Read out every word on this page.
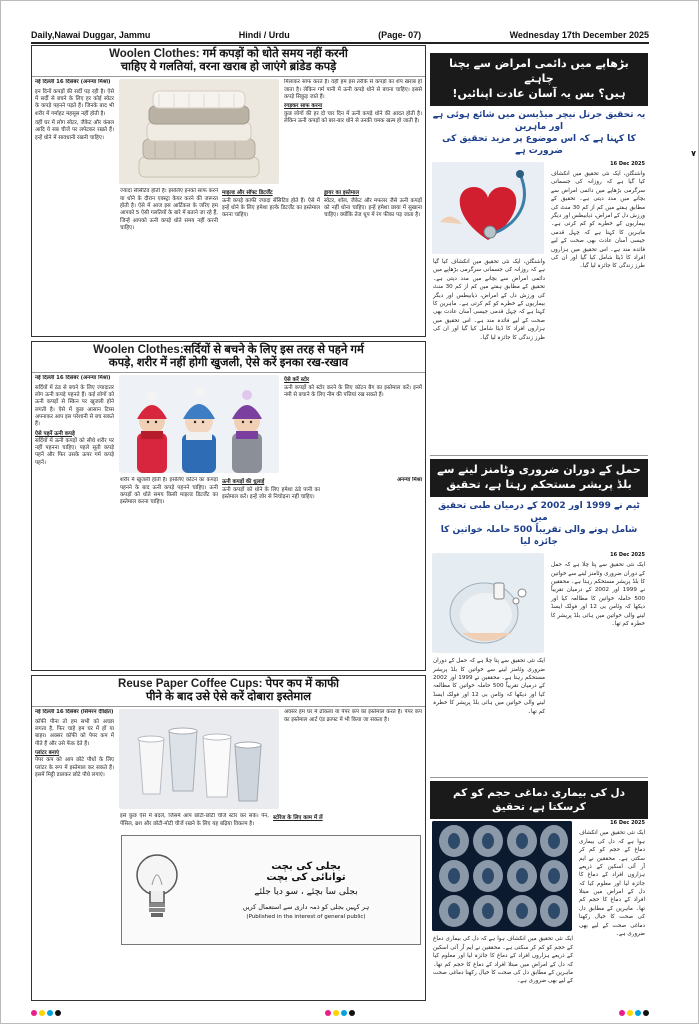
Daily,Nawai Duggar, Jammu	Hindi / Urdu	(Page- 07)	Wednesday 17th December 2025
٧
Woolen Clothes: गर्म कपड़ों को धोते समय नहीं करनी
चाहिए ये गलतियां, वरना खराब हो जाएंगे ब्रांडेड कपड़े

नई दिल्ली 16 दिसंबर (अनन्या मिश्रा)

इन दिनों कपड़ों की सर्दी पड़ रही है। ऐसे में सर्दी से बचने के लिए हर कोई स्वेटर के कपड़े पहनने पड़ते हैं। जिनके बाद भी शरीर में गर्माहट महसूस नहीं होती है।

वहीं घर में लोग स्वेटर, जैकेट और कंबल आदि ये सब चीजें पर लपेटकर रखते हैं। इन्हें धोने में सावधानी रखनी चाहिए।

मिलाकर साफ करते हैं। वहीं हम इस तरीके से कपड़ों का शेप खराब हो जाता है। लेकिन गर्म पानी में ऊनी कपड़े धोने से बचना चाहिए। इससे कपड़े सिकुड़ जाते हैं।

रगड़कर साफ करना

कुछ लोगों की हर दो चार दिन में ऊनी कपड़े धोने की आदत होती है। लेकिन ऊनी कपड़ों को बार-बार धोने से उनकी चमक खत्म हो जाती है।

ज्यादा सेंसिटिव होती है। इसलिए इनको साफ करने या धोने के दौरान एक्स्ट्रा केयर करने की जरूरत होती है। ऐसे में आज इस आर्टिकल के जरिए हम आपको 5 ऐसी गलतियों के बारे में बताने जा रहे हैं, जिन्हें आपको ऊनी कपड़े धोते समय नहीं करनी चाहिए।

माइल्ड और सॉफ्ट डिटर्जेंट

ऊनी कपड़े काफी ज्यादा सेंसिटिव होते हैं। ऐसे में इन्हें धोने के लिए हमेशा हल्के डिटर्जेंट का इस्तेमाल करना चाहिए।

ड्रायर का इस्तेमाल

स्वेटर, शॉल, जैकेट और मफलर जैसे ऊनी कपड़ों को नहीं धोना चाहिए। इन्हें हमेशा छाया में सुखाना चाहिए। क्योंकि तेज धूप में रंग फीका पड़ जाता है।

Woolen Clothes:सर्दियों से बचने के लिए इस तरह से पहने गर्म
कपड़े, शरीर में नहीं होगी खुजली, ऐसे करें इनका रख-रखाव

नई दिल्ली 16 दिसंबर (अनन्या मिश्रा)

सर्दियों में ठंड से बचने के लिए ज्यादातर लोग ऊनी कपड़े पहनते हैं। कई लोगों को ऊनी कपड़ों से स्किन पर खुजली होने लगती है। ऐसे में कुछ आसान टिप्स अपनाकर आप इस परेशानी से बच सकते हैं।

ऐसे पहनें ऊनी कपड़े

सर्दियों में ऊनी कपड़ों को सीधे शरीर पर नहीं पहनना चाहिए। पहले सूती कपड़े पहनें और फिर उसके ऊपर गर्म कपड़े पहनें।

ऐसे करें स्टोर

ऊनी कपड़ों को स्टोर करने के लिए कॉटन बैग का इस्तेमाल करें। इनमें नमी से बचाने के लिए नीम की पत्तियां रख सकते हैं।

शरीर में खुजली होती है। इसलिए कॉटन का कपड़ा पहनने के बाद ऊनी कपड़े पहनने चाहिए। ऊनी कपड़ों को धोते समय किसी माइल्ड डिटर्जेंट का इस्तेमाल करना चाहिए।

ऊनी कपड़ों की धुलाई

ऊनी कपड़ों को धोने के लिए हमेशा ठंडे पानी का इस्तेमाल करें। इन्हें जोर से निचोड़ना नहीं चाहिए।

अनन्या मिश्रा

Reuse Paper Coffee Cups: पेपर कप में काफी
पीने के बाद उसे ऐसे करें दोबारा इस्तेमाल

नई दिल्ली 16 दिसंबर (सिमरन दीक्षित)

कॉफी पीना तो हम सभी को अच्छा लगता है, फिर चाहे हम घर में हों या बाहर। अक्सर कॉफी को पेपर कप में पीते हैं और उसे फेंक देते हैं।

प्लांटर बनाएं

पेपर कप को आप छोटे पौधों के लिए प्लांटर के रूप में इस्तेमाल कर सकते हैं। इसमें मिट्टी डालकर छोटे पौधे लगाएं।

अवसर हम घर में ढोकला या पेपर कप का इस्तेमाल करते हैं। पेपर कप का इस्तेमाल आर्ट एंड क्राफ्ट में भी किया जा सकता है।

इसे कुछ ऐसे में बदलें, जिसमें आप छोटी-छोटी चीजें स्टोर कर सकें। पेन, पेंसिल, ब्रश और छोटी-मोटी चीजें रखने के लिए यह बढ़िया विकल्प है।

स्टोरेज के लिए काम में लें
بجلی کی بچت
توانائی کی بچت
بجلی سا بچئے ، سو دیا جلئے
ہر کہیں بجلی کو ذمہ داری سے استعمال کریں
(Published in the interest of general public)
بڑھاپے میں دائمی امراض سے بچنا چاہتے
ہیں؟ بس یہ آسان عادت اپنائیں!
یہ تحقیق جرنل نیچر میڈیسن میں شائع ہوئی ہے اور ماہرین
کا کہنا ہے کہ اس موضوع پر مزید تحقیق کی ضرورت ہے
16 Dec 2025
واشنگٹن، ایک نئی تحقیق میں انکشاف کیا گیا ہے کہ روزانہ کی جسمانی سرگرمی بڑھاپے میں دائمی امراض سے بچانے میں مدد دیتی ہے۔ تحقیق کے مطابق ہفتے میں کم از کم 30 منٹ کی ورزش دل کے امراض، ذیابیطس اور دیگر بیماریوں کے خطرے کو کم کرتی ہے۔ ماہرین کا کہنا ہے کہ چہل قدمی جیسی آسان عادت بھی صحت کے لیے فائدہ مند ہے۔ اس تحقیق میں ہزاروں افراد کا ڈیٹا شامل کیا گیا اور ان کی طرز زندگی کا جائزہ لیا گیا۔
واشنگٹن، ایک نئی تحقیق میں انکشاف کیا گیا ہے کہ روزانہ کی جسمانی سرگرمی بڑھاپے میں دائمی امراض سے بچانے میں مدد دیتی ہے۔ تحقیق کے مطابق ہفتے میں کم از کم 30 منٹ کی ورزش دل کے امراض، ذیابیطس اور دیگر بیماریوں کے خطرے کو کم کرتی ہے۔ ماہرین کا کہنا ہے کہ چہل قدمی جیسی آسان عادت بھی صحت کے لیے فائدہ مند ہے۔ اس تحقیق میں ہزاروں افراد کا ڈیٹا شامل کیا گیا اور ان کی طرز زندگی کا جائزہ لیا گیا۔
حمل کے دوران ضروری وٹامنز لینے سے
بلڈ پریشر مستحکم رہتا ہے، تحقیق
ٹیم نے 1999 اور 2002 کے درمیان طبی تحقیق میں
شامل ہونے والی تقریباً 500 حاملہ خواتین کا جائزہ لیا
16 Dec 2025
ایک نئی تحقیق سے پتا چلا ہے کہ حمل کے دوران ضروری وٹامنز لینے سے خواتین کا بلڈ پریشر مستحکم رہتا ہے۔ محققین نے 1999 اور 2002 کے درمیان تقریباً 500 حاملہ خواتین کا مطالعہ کیا اور دیکھا کہ وٹامن بی 12 اور فولک ایسڈ لینے والی خواتین میں ہائی بلڈ پریشر کا خطرہ کم تھا۔
ایک نئی تحقیق سے پتا چلا ہے کہ حمل کے دوران ضروری وٹامنز لینے سے خواتین کا بلڈ پریشر مستحکم رہتا ہے۔ محققین نے 1999 اور 2002 کے درمیان تقریباً 500 حاملہ خواتین کا مطالعہ کیا اور دیکھا کہ وٹامن بی 12 اور فولک ایسڈ لینے والی خواتین میں ہائی بلڈ پریشر کا خطرہ کم تھا۔
دل کی بیماری دماغی حجم کو کم کرسکتا ہے، تحقیق
16 Dec 2025
ایک نئی تحقیق میں انکشاف ہوا ہے کہ دل کی بیماری دماغ کے حجم کو کم کر سکتی ہے۔ محققین نے ایم آر آئی اسکین کے ذریعے ہزاروں افراد کے دماغ کا جائزہ لیا اور معلوم کیا کہ دل کے امراض میں مبتلا افراد کے دماغ کا حجم کم تھا۔ ماہرین کے مطابق دل کی صحت کا خیال رکھنا دماغی صحت کے لیے بھی ضروری ہے۔
ایک نئی تحقیق میں انکشاف ہوا ہے کہ دل کی بیماری دماغ کے حجم کو کم کر سکتی ہے۔ محققین نے ایم آر آئی اسکین کے ذریعے ہزاروں افراد کے دماغ کا جائزہ لیا اور معلوم کیا کہ دل کے امراض میں مبتلا افراد کے دماغ کا حجم کم تھا۔ ماہرین کے مطابق دل کی صحت کا خیال رکھنا دماغی صحت کے لیے بھی ضروری ہے۔
